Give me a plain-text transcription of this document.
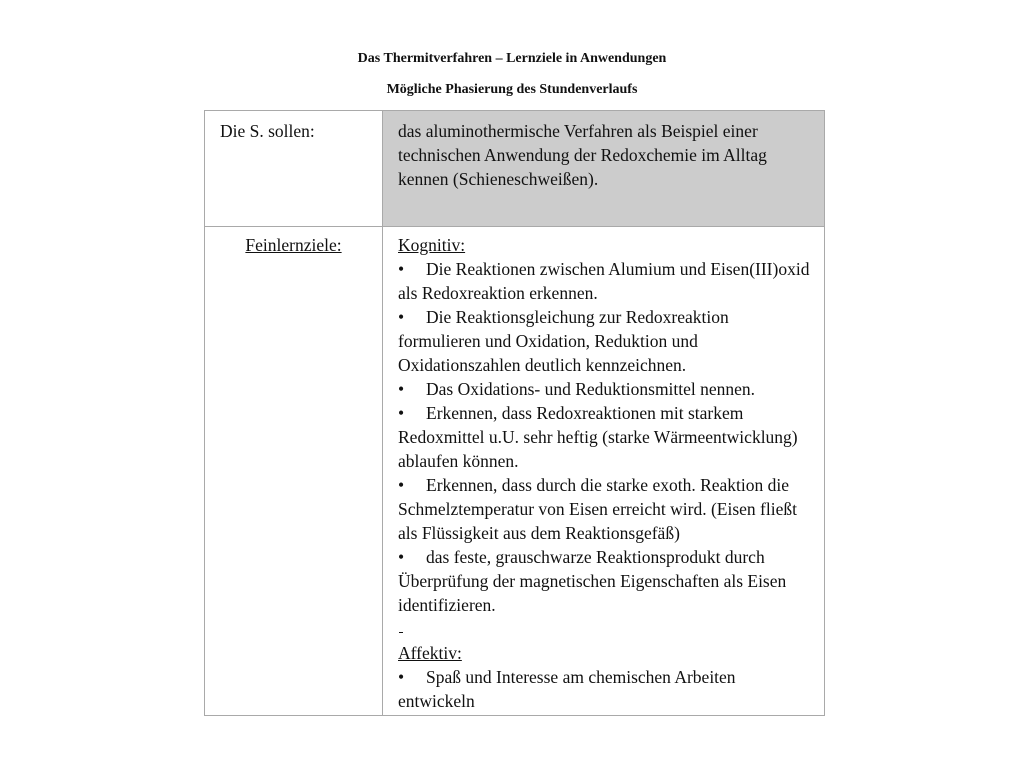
Das Thermitverfahren – Lernziele in Anwendungen

Mögliche Phasierung des Stundenverlaufs

Die S. sollen:	das aluminothermische Verfahren als Beispiel einer technischen Anwendung der Redoxchemie im Alltag kennen (Schieneschweißen).

Feinlernziele:	Kognitiv:
• Die Reaktionen zwischen Alumium und Eisen(III)oxid als Redoxreaktion erkennen.
• Die Reaktionsgleichung zur Redoxreaktion formulieren und Oxidation, Reduktion und Oxidationszahlen deutlich kennzeichnen.
• Das Oxidations- und Reduktionsmittel nennen.
• Erkennen, dass Redoxreaktionen mit starkem Redoxmittel u.U. sehr heftig (starke Wärmeentwicklung) ablaufen können.
• Erkennen, dass durch die starke exoth. Reaktion die Schmelztemperatur von Eisen erreicht wird. (Eisen fließt als Flüssigkeit aus dem Reaktionsgefäß)
• das feste, grauschwarze Reaktionsprodukt durch Überprüfung der magnetischen Eigenschaften als Eisen identifizieren.
Affektiv:
• Spaß und Interesse am chemischen Arbeiten entwickeln
